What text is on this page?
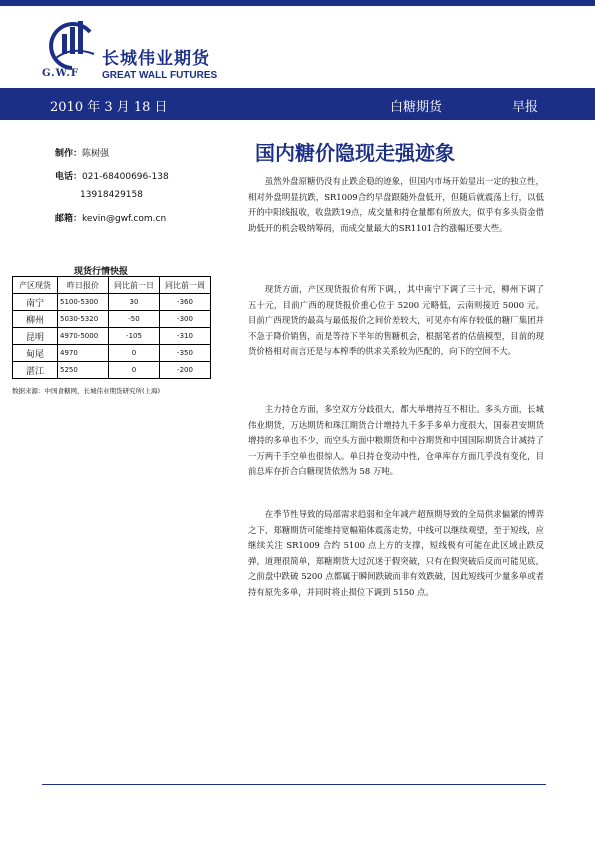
长城伟业期货
G.W.F GREAT WALL FUTURES
2010 年 3 月 18 日	白糖期货	早报
制作：陈树强
电话：021-68400696-138
13918429158
邮箱：kevin@gwf.com.cn
国内糖价隐现走强迹象
现货行情快报
产区现货	昨日报价	同比前一日	同比前一周
南宁	5100-5300	30	-360
柳州	5030-5320	-50	-300
昆明	4970-5000	-105	-310
甸尾	4970	0	-350
湛江	5250	0	-200
数据来源：中国食糖网，长城伟业期货研究所(上海)

虽然外盘原糖仍没有止跌企稳的迹象，但国内市场开始显出一定的独立性，相对外盘明显抗跌，SR1009合约早盘跟随外盘低开，但随后就震荡上行，以低开的中阳线报收，收盘跌19点，成交量和持仓量都有所放大，似乎有多头资金借助低开的机会吸纳筹码，而成交量最大的SR1101合约涨幅还要大些。

现货方面，产区现货报价有所下调，，其中南宁下调了三十元，柳州下调了五十元，目前广西的现货报价重心位于 5200 元略低，云南则接近 5000 元。目前广西现货的最高与最低报价之间价差较大，可见亦有库存较低的糖厂集团并不急于降价销售，而是等待下半年的售糖机会，根据笔者的估值模型，目前的现货价格相对而言还是与本榨季的供求关系较为匹配的，向下的空间不大。

主力持仓方面，多空双方分歧很大，都大举增持互不相让。多头方面，长城伟业期货，万达期货和珠江期货合计增持九千多手多单力度很大，国泰君安期货增持的多单也不少，而空头方面中粮期货和中谷期货和中国国际期货合计减持了一万两千手空单也很惊人。单日持仓变动中性，仓单库存方面几乎没有变化，目前总库存折合白糖现货依然为 58 万吨。

在季节性导致的局部需求趋弱和全年减产超预期导致的全局供求偏紧的博弈之下，郑糖期货可能维持宽幅箱体震荡走势，中线可以继续观望，至于短线，应继续关注 SR1009 合约 5100 点上方的支撑，短线极有可能在此区域止跌反弹，道理很简单，郑糖期货大过沉迷于假突破，只有在假突破后反而可能见底，之前盘中跌破 5200 点都属于瞬间跌破而非有效跌破，因此短线可少量多单或者持有原先多单，并同时将止损位下调到 5150 点。
